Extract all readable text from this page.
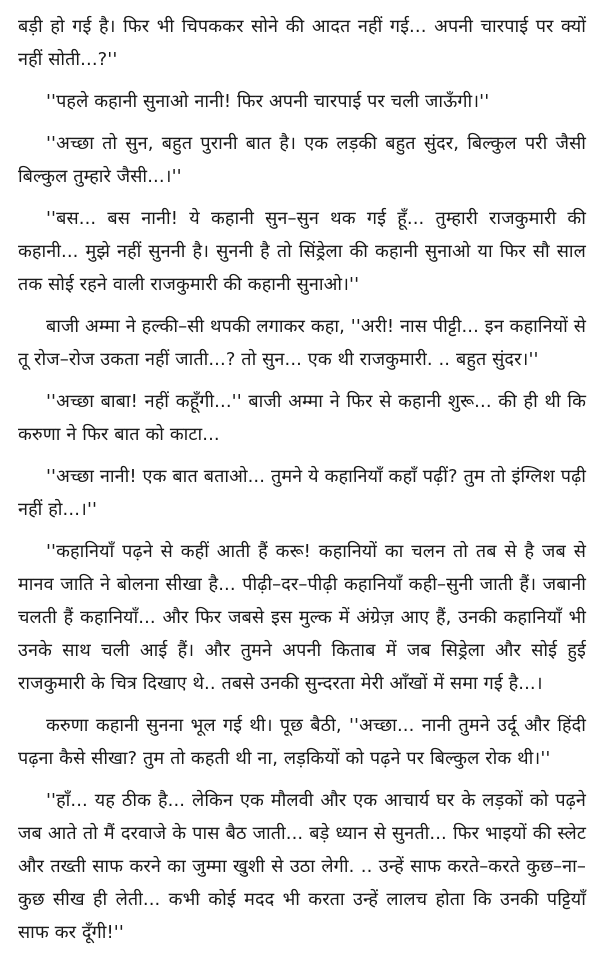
बड़ी हो गई है। फिर भी चिपककर सोने की आदत नहीं गई... अपनी चारपाई पर क्यों नहीं सोती...?''

''पहले कहानी सुनाओ नानी! फिर अपनी चारपाई पर चली जाऊँगी।''

''अच्छा तो सुन, बहुत पुरानी बात है। एक लड़की बहुत सुंदर, बिल्कुल परी जैसी बिल्कुल तुम्हारे जैसी...।''

''बस... बस नानी! ये कहानी सुन–सुन थक गई हूँ... तुम्हारी राजकुमारी की कहानी... मुझे नहीं सुननी है। सुननी है तो सिंड्रेला की कहानी सुनाओ या फिर सौ साल तक सोई रहने वाली राजकुमारी की कहानी सुनाओ।''

बाजी अम्मा ने हल्की–सी थपकी लगाकर कहा, ''अरी! नास पीट्टी... इन कहानियों से तू रोज–रोज उकता नहीं जाती...? तो सुन... एक थी राजकुमारी. .. बहुत सुंदर।''

''अच्छा बाबा! नहीं कहूँगी...'' बाजी अम्मा ने फिर से कहानी शुरू... की ही थी कि करुणा ने फिर बात को काटा...

''अच्छा नानी! एक बात बताओ... तुमने ये कहानियाँ कहाँ पढ़ीं? तुम तो इंग्लिश पढ़ी नहीं हो...।''

''कहानियाँ पढ़ने से कहीं आती हैं करू! कहानियों का चलन तो तब से है जब से मानव जाति ने बोलना सीखा है... पीढ़ी–दर–पीढ़ी कहानियाँ कही–सुनी जाती हैं। जबानी चलती हैं कहानियाँ... और फिर जबसे इस मुल्क में अंग्रेज़ आए हैं, उनकी कहानियाँ भी उनके साथ चली आई हैं। और तुमने अपनी किताब में जब सिड्रेला और सोई हुई राजकुमारी के चित्र दिखाए थे.. तबसे उनकी सुन्दरता मेरी आँखों में समा गई है...।

करुणा कहानी सुनना भूल गई थी। पूछ बैठी, ''अच्छा... नानी तुमने उर्दू और हिंदी पढ़ना कैसे सीखा? तुम तो कहती थी ना, लड़कियों को पढ़ने पर बिल्कुल रोक थी।''

''हाँ... यह ठीक है... लेकिन एक मौलवी और एक आचार्य घर के लड़कों को पढ़ने जब आते तो मैं दरवाजे के पास बैठ जाती... बड़े ध्यान से सुनती... फिर भाइयों की स्लेट और तख्ती साफ करने का जुम्मा खुशी से उठा लेगी. .. उन्हें साफ करते–करते कुछ–ना–कुछ सीख ही लेती... कभी कोई मदद भी करता उन्हें लालच होता कि उनकी पट्टियाँ साफ कर दूँगी!''
